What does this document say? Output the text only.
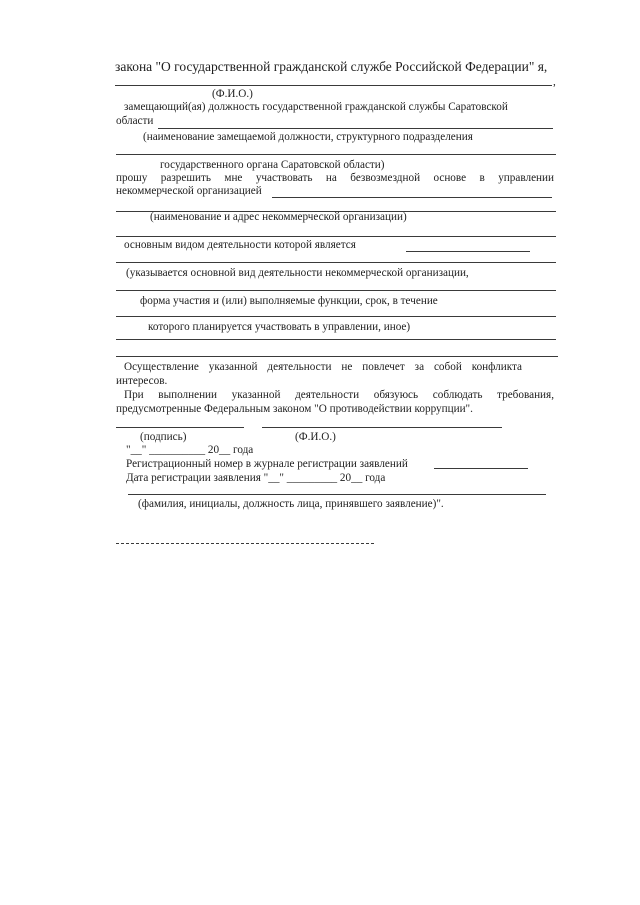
закона "О государственной гражданской службе Российской Федерации" я,
,
(Ф.И.О.)
замещающий(ая) должность государственной гражданской службы Саратовской
области
(наименование замещаемой должности, структурного подразделения
государственного органа Саратовской области)
прошу разрешить мне участвовать на безвозмездной основе в управлении
некоммерческой организацией
(наименование и адрес некоммерческой организации)
основным видом деятельности которой является
(указывается основной вид деятельности некоммерческой организации,
форма участия и (или) выполняемые функции, срок, в течение
которого планируется участвовать в управлении, иное)
Осуществление указанной деятельности не повлечет за собой конфликта
интересов.
При выполнении указанной деятельности обязуюсь соблюдать требования,
предусмотренные Федеральным законом "О противодействии коррупции".
(подпись)	(Ф.И.О.)
"__" __________ 20__ года
Регистрационный номер в журнале регистрации заявлений
Дата регистрации заявления "__" _________ 20__ года
(фамилия, инициалы, должность лица, принявшего заявление)".
